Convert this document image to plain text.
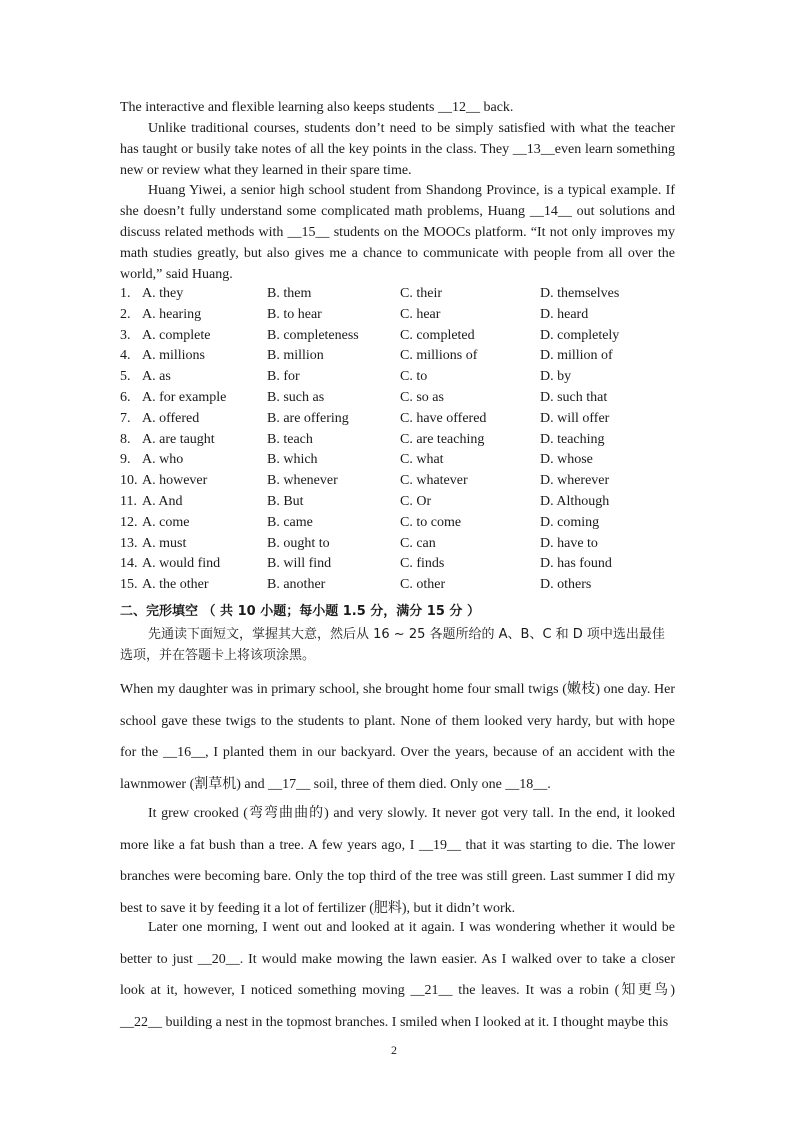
The interactive and flexible learning also keeps students __12__ back.

Unlike traditional courses, students don’t need to be simply satisfied with what the teacher has taught or busily take notes of all the key points in the class. They __13__even learn something new or review what they learned in their spare time.

Huang Yiwei, a senior high school student from Shandong Province, is a typical example. If she doesn’t fully understand some complicated math problems, Huang __14__ out solutions and discuss related methods with __15__ students on the MOOCs platform. “It not only improves my math studies greatly, but also gives me a chance to communicate with people from all over the world,” said Huang.

1. A. they	B. them	C. their	D. themselves
2. A. hearing	B. to hear	C. hear	D. heard
3. A. complete	B. completeness	C. completed	D. completely
4. A. millions	B. million	C. millions of	D. million of
5. A. as	B. for	C. to	D. by
6. A. for example	B. such as	C. so as	D. such that
7. A. offered	B. are offering	C. have offered	D. will offer
8. A. are taught	B. teach	C. are teaching	D. teaching
9. A. who	B. which	C. what	D. whose
10. A. however	B. whenever	C. whatever	D. wherever
11. A. And	B. But	C. Or	D. Although
12. A. come	B. came	C. to come	D. coming
13. A. must	B. ought to	C. can	D. have to
14. A. would find	B. will find	C. finds	D. has found
15. A. the other	B. another	C. other	D. others
二、完形填空 （ 共 10 小题；每小题 1.5 分，满分 15 分 ）

先通读下面短文，掌握其大意，然后从 16 ~ 25 各题所给的 A、B、C 和 D 项中选出最佳选项，并在答题卡上将该项涂黑。

When my daughter was in primary school, she brought home four small twigs (嫩枝) one day. Her school gave these twigs to the students to plant. None of them looked very hardy, but with hope for the __16__, I planted them in our backyard. Over the years, because of an accident with the lawnmower (割草机) and __17__ soil, three of them died. Only one __18__.

It grew crooked (弯弯曲曲的) and very slowly. It never got very tall. In the end, it looked more like a fat bush than a tree. A few years ago, I __19__ that it was starting to die. The lower branches were becoming bare. Only the top third of the tree was still green. Last summer I did my best to save it by feeding it a lot of fertilizer (肥料), but it didn’t work.

Later one morning, I went out and looked at it again. I was wondering whether it would be better to just __20__. It would make mowing the lawn easier. As I walked over to take a closer look at it, however, I noticed something moving __21__ the leaves. It was a robin (知更鸟) __22__ building a nest in the topmost branches. I smiled when I looked at it. I thought maybe this

2
